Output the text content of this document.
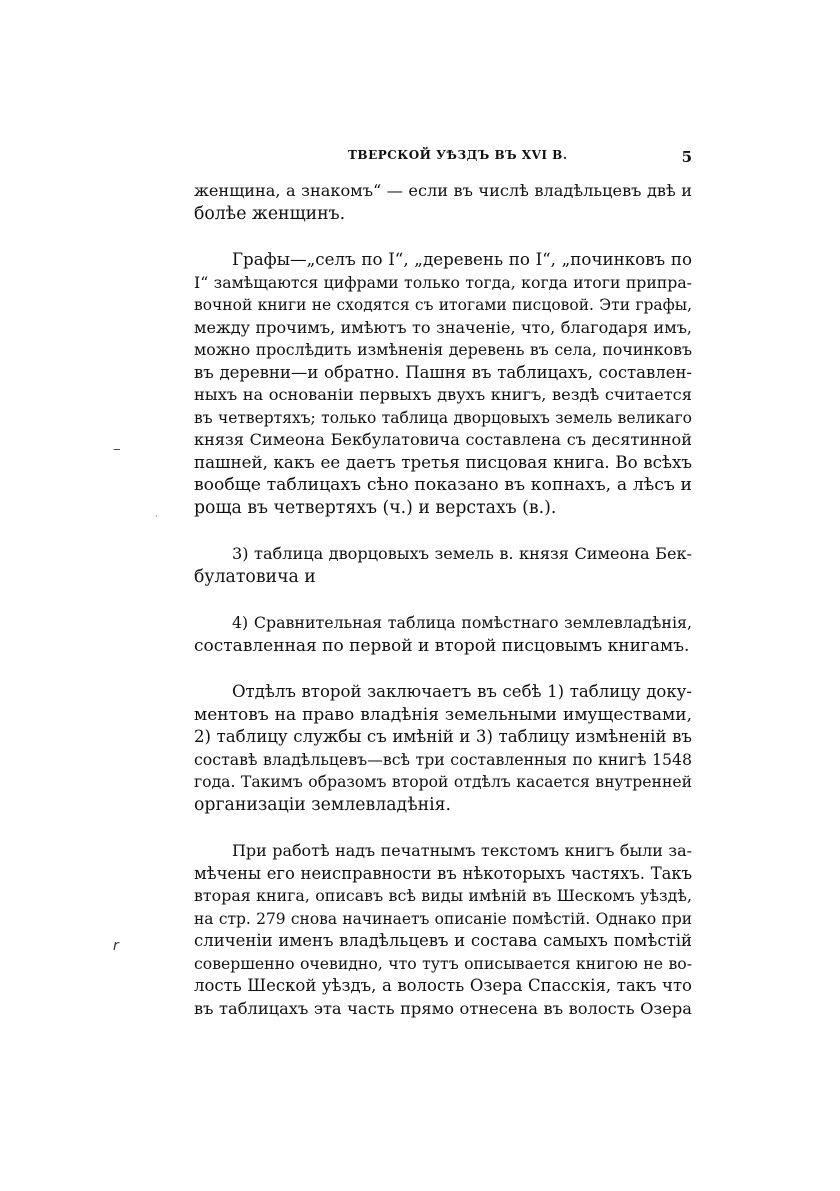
ТВЕРСКОЙ УѢЗДЪ ВЪ XVI В.	5
женщина, а знакомъ“ — если въ числѣ владѣльцевъ двѣ и
болѣе женщинъ.
Графы—„селъ по I“, „деревень по I“, „починковъ по
I“ замѣщаются цифрами только тогда, когда итоги припра-
вочной книги не сходятся съ итогами писцовой. Эти графы,
между прочимъ, имѣютъ то значеніе, что, благодаря имъ,
можно прослѣдить измѣненія деревень въ села, починковъ
въ деревни—и обратно. Пашня въ таблицахъ, составлен-
ныхъ на основаніи первыхъ двухъ книгъ, вездѣ считается
въ четвертяхъ; только таблица дворцовыхъ земель великаго
князя Симеона Бекбулатовича составлена съ десятинной
пашней, какъ ее даетъ третья писцовая книга. Во всѣхъ
вообще таблицахъ сѣно показано въ копнахъ, а лѣсъ и
роща въ четвертяхъ (ч.) и верстахъ (в.).
3) таблица дворцовыхъ земель в. князя Симеона Бек-
булатовича и
4) Сравнительная таблица помѣстнаго землевладѣнія,
составленная по первой и второй писцовымъ книгамъ.
Отдѣлъ второй заключаетъ въ себѣ 1) таблицу доку-
ментовъ на право владѣнія земельными имуществами,
2) таблицу службы съ имѣній и 3) таблицу измѣненій въ
составѣ владѣльцевъ—всѣ три составленныя по книгѣ 1548
года. Такимъ образомъ второй отдѣлъ касается внутренней
организаціи землевладѣнія.
При работѣ надъ печатнымъ текстомъ книгъ были за-
мѣчены его неисправности въ нѣкоторыхъ частяхъ. Такъ
вторая книга, описавъ всѣ виды имѣній въ Шескомъ уѣздѣ,
на стр. 279 снова начинаетъ описаніе помѣстій. Однако при
сличеніи именъ владѣльцевъ и состава самыхъ помѣстій
совершенно очевидно, что тутъ описывается книгою не во-
лость Шеской уѣздъ, а волость Озера Спасскія, такъ что
въ таблицахъ эта часть прямо отнесена въ волость Озера
‒
·
r
